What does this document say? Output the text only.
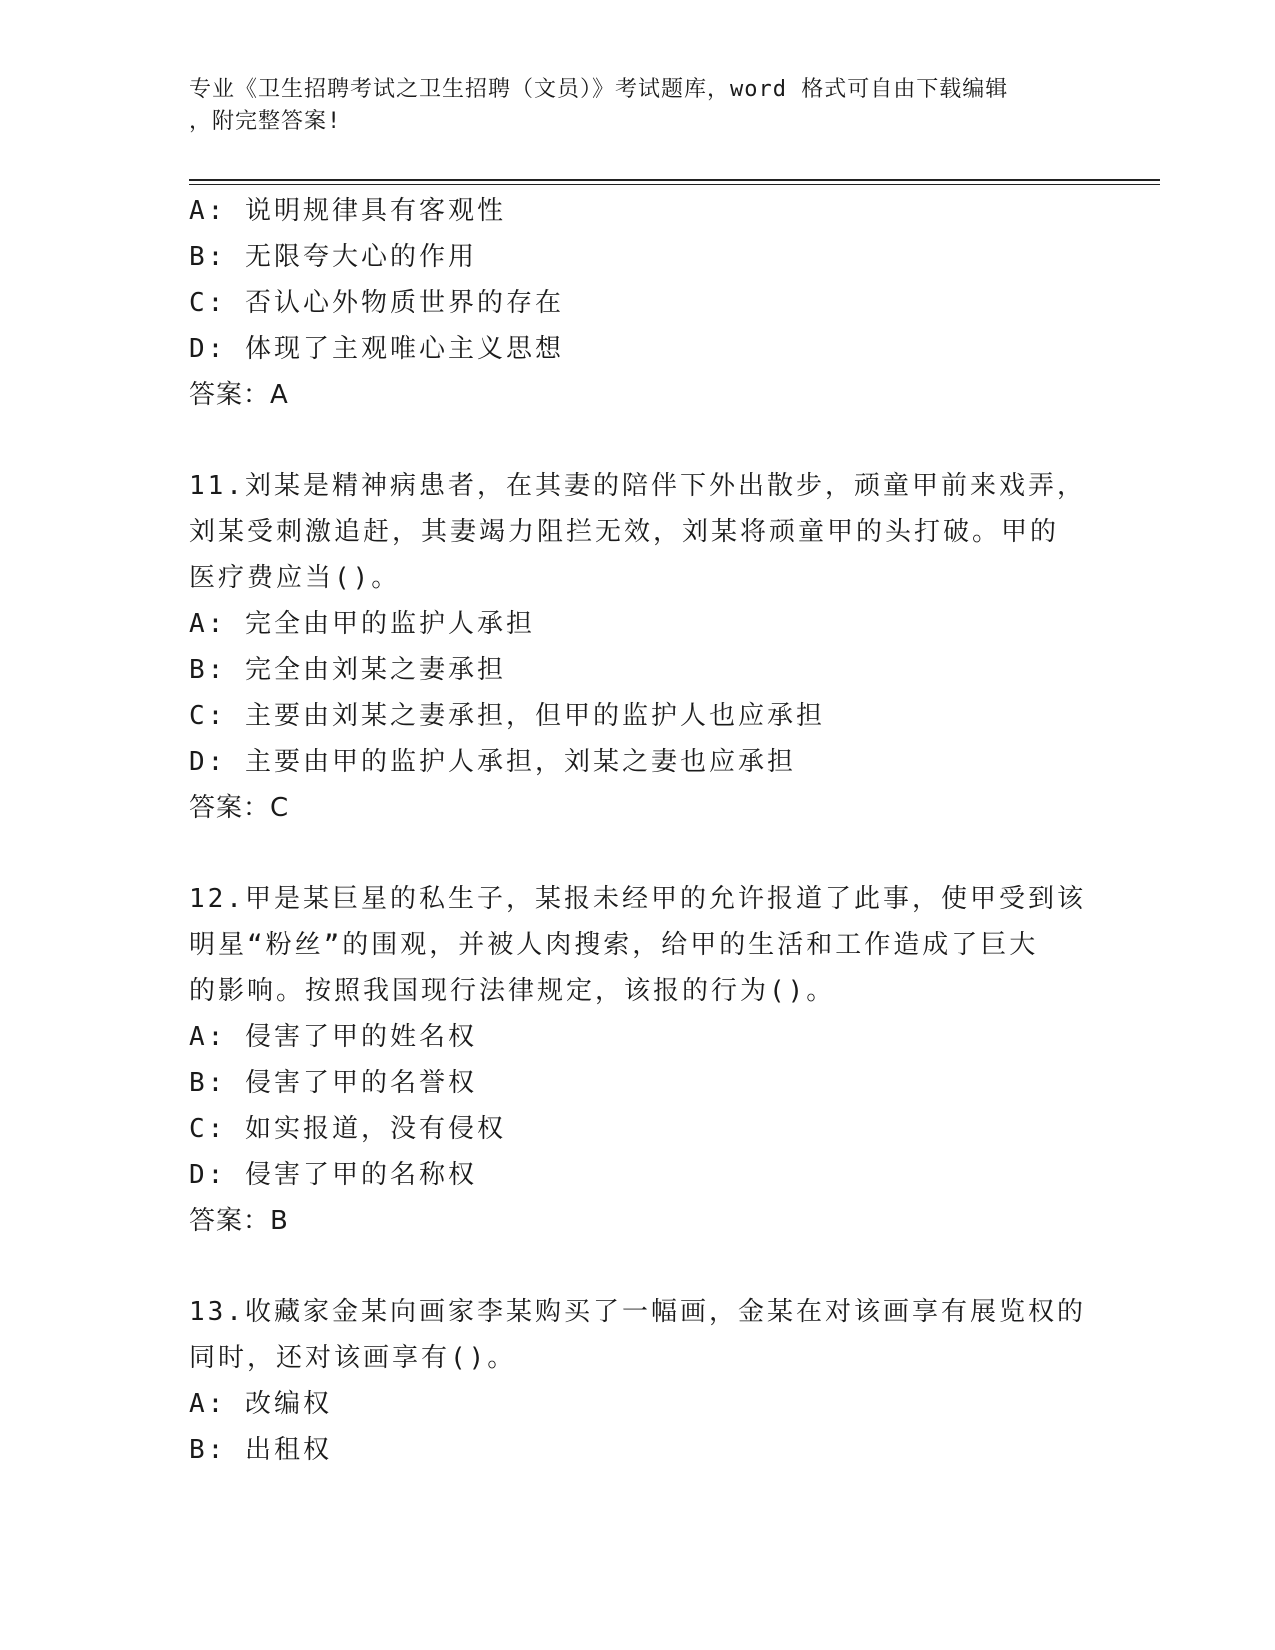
专业《卫生招聘考试之卫生招聘（文员）》考试题库，word 格式可自由下载编辑
，附完整答案!
A: 说明规律具有客观性
B: 无限夸大心的作用
C: 否认心外物质世界的存在
D: 体现了主观唯心主义思想
答案：A
11.刘某是精神病患者，在其妻的陪伴下外出散步，顽童甲前来戏弄，
刘某受刺激追赶，其妻竭力阻拦无效，刘某将顽童甲的头打破。甲的
医疗费应当()。
A: 完全由甲的监护人承担
B: 完全由刘某之妻承担
C: 主要由刘某之妻承担，但甲的监护人也应承担
D: 主要由甲的监护人承担，刘某之妻也应承担
答案：C
12.甲是某巨星的私生子，某报未经甲的允许报道了此事，使甲受到该
明星“粉丝”的围观，并被人肉搜索，给甲的生活和工作造成了巨大
的影响。按照我国现行法律规定，该报的行为()。
A: 侵害了甲的姓名权
B: 侵害了甲的名誉权
C: 如实报道，没有侵权
D: 侵害了甲的名称权
答案：B
13.收藏家金某向画家李某购买了一幅画，金某在对该画享有展览权的
同时，还对该画享有()。
A: 改编权
B: 出租权
